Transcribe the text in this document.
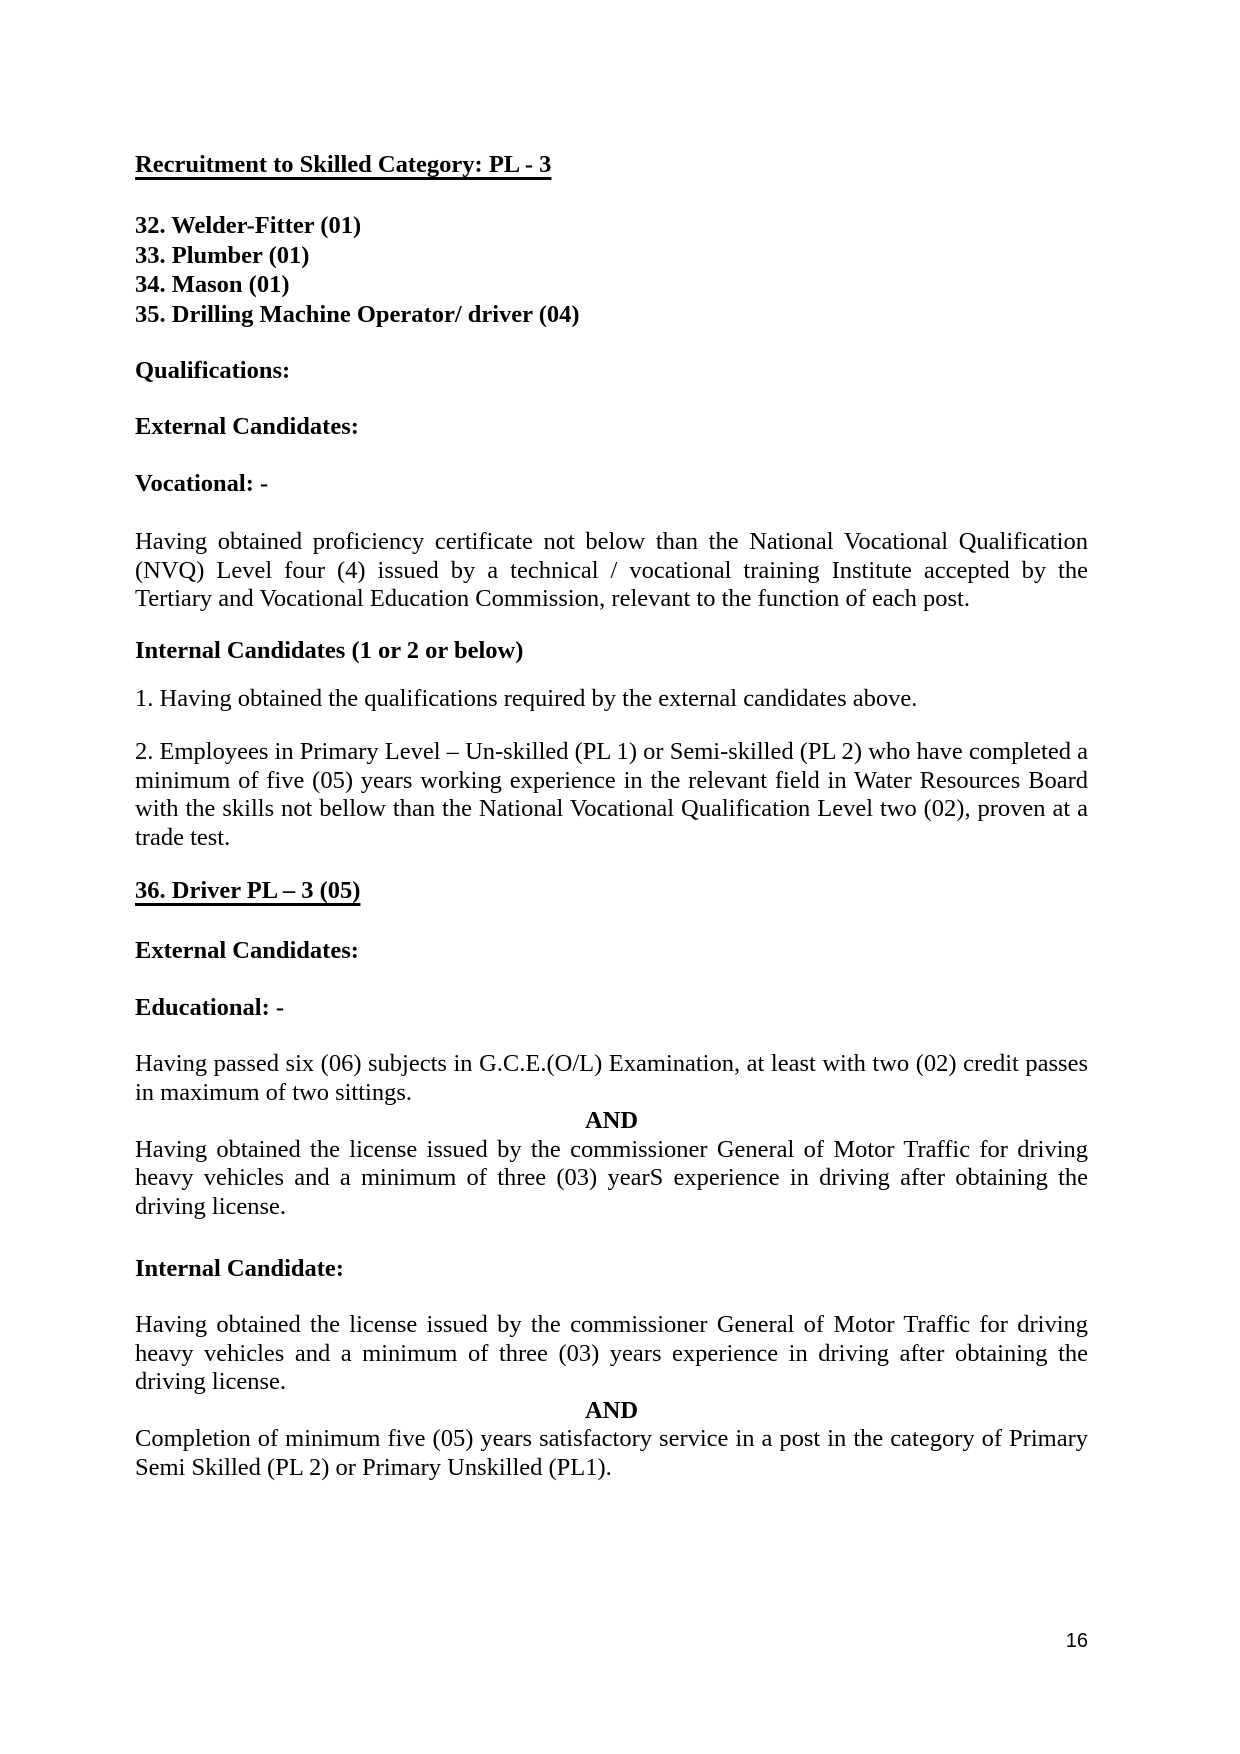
Recruitment to Skilled Category: PL - 3
32. Welder-Fitter (01)
33. Plumber (01)
34. Mason (01)
35. Drilling Machine Operator/ driver (04)
Qualifications:
External Candidates:
Vocational: -

Having obtained proficiency certificate not below than the National Vocational Qualification (NVQ) Level four (4) issued by a technical / vocational training Institute accepted by the Tertiary and Vocational Education Commission, relevant to the function of each post.

Internal Candidates (1 or 2 or below)

1. Having obtained the qualifications required by the external candidates above.

2. Employees in Primary Level – Un-skilled (PL 1) or Semi-skilled (PL 2) who have completed a minimum of five (05) years working experience in the relevant field in Water Resources Board with the skills not bellow than the National Vocational Qualification Level two (02), proven at a trade test.

36. Driver PL – 3 (05)
External Candidates:
Educational: -

Having passed six (06) subjects in G.C.E.(O/L) Examination, at least with two (02) credit passes in maximum of two sittings.

AND

Having obtained the license issued by the commissioner General of Motor Traffic for driving heavy vehicles and a minimum of three (03) yearS experience in driving after obtaining the driving license.

Internal Candidate:

Having obtained the license issued by the commissioner General of Motor Traffic for driving heavy vehicles and a minimum of three (03) years experience in driving after obtaining the driving license.

AND

Completion of minimum five (05) years satisfactory service in a post in the category of Primary Semi Skilled (PL 2) or Primary Unskilled (PL1).

16
